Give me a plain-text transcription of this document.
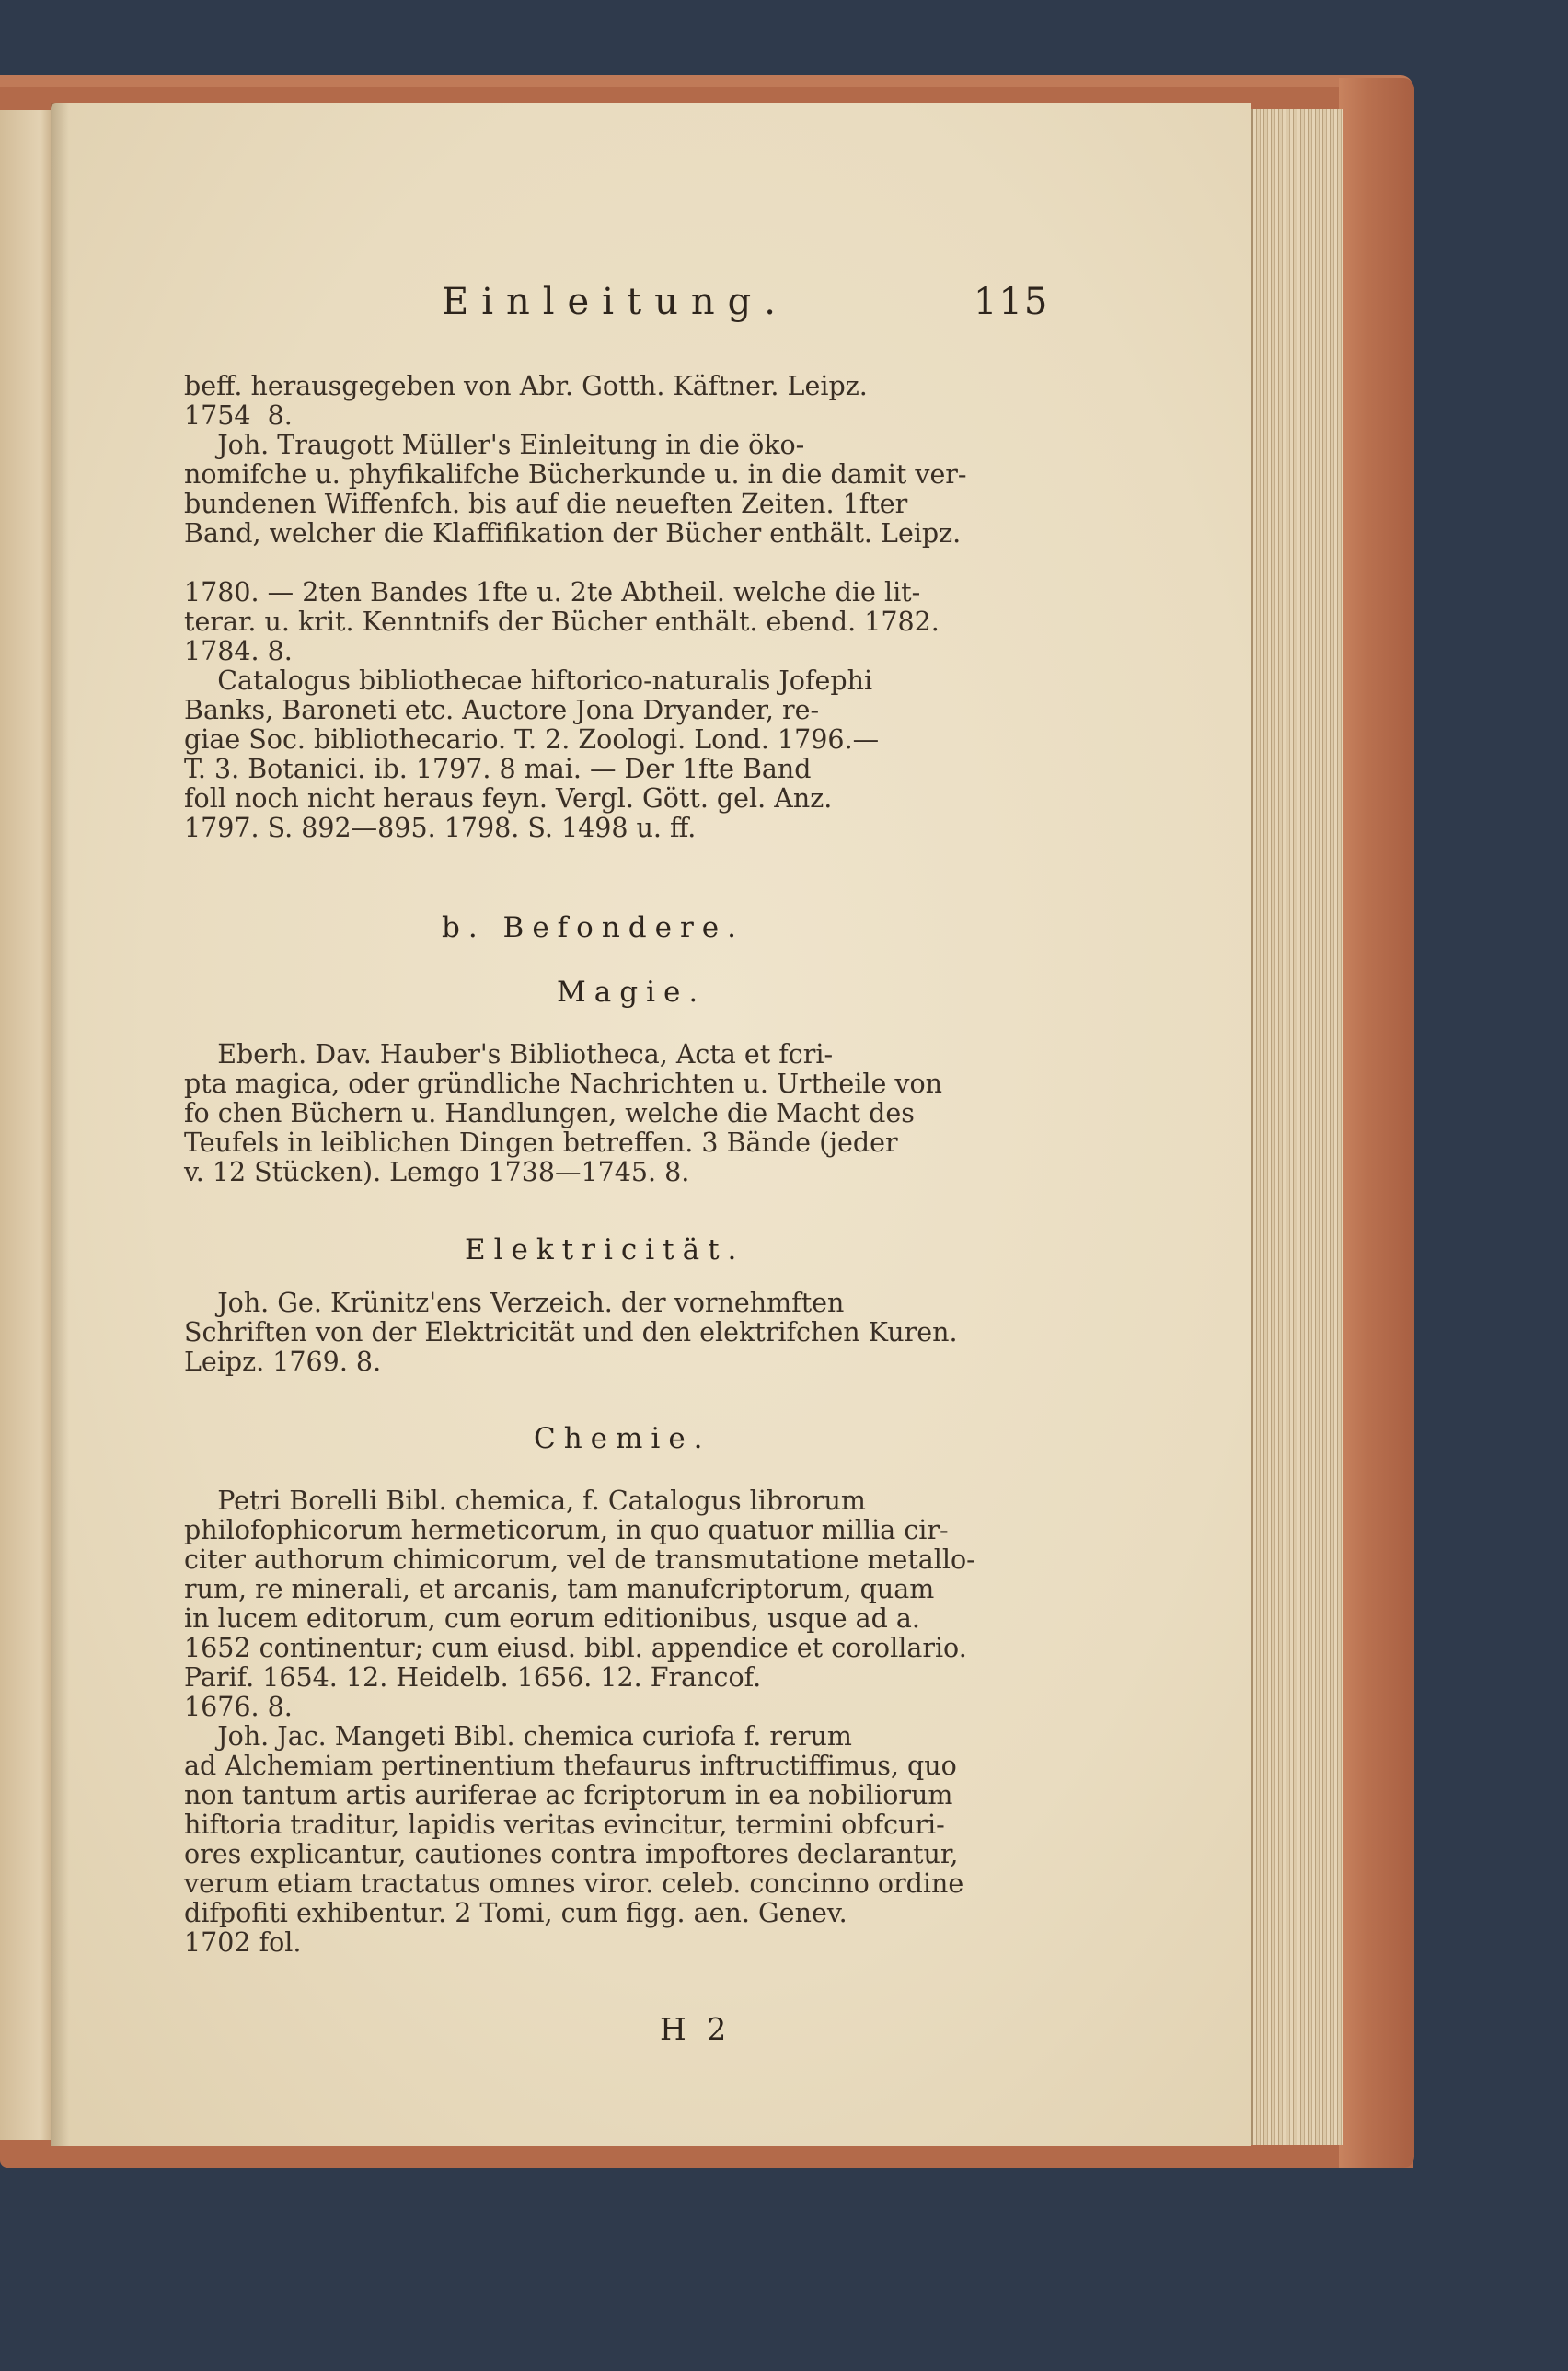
Einleitung.	115
beff. herausgegeben von Abr. Gotth. Käftner. Leipz.
1754  8.
Joh. Traugott Müller's Einleitung in die öko-
nomifche u. phyfikalifche Bücherkunde u. in die damit ver-
bundenen Wiffenfch. bis auf die neueften Zeiten. 1fter
Band, welcher die Klaffifikation der Bücher enthält. Leipz.
1780. — 2ten Bandes 1fte u. 2te Abtheil. welche die lit-
terar. u. krit. Kenntnifs der Bücher enthält. ebend. 1782.
1784. 8.
Catalogus bibliothecae hiftorico-naturalis Jofephi
Banks, Baroneti etc. Auctore Jona Dryander, re-
giae Soc. bibliothecario. T. 2. Zoologi. Lond. 1796.—
T. 3. Botanici. ib. 1797. 8 mai. — Der 1fte Band
foll noch nicht heraus feyn. Vergl. Gött. gel. Anz.
1797. S. 892—895. 1798. S. 1498 u. ff.
b. Befondere.
Magie.
Eberh. Dav. Hauber's Bibliotheca, Acta et fcri-
pta magica, oder gründliche Nachrichten u. Urtheile von
fo chen Büchern u. Handlungen, welche die Macht des
Teufels in leiblichen Dingen betreffen. 3 Bände (jeder
v. 12 Stücken). Lemgo 1738—1745. 8.
Elektricität.
Joh. Ge. Krünitz'ens Verzeich. der vornehmften
Schriften von der Elektricität und den elektrifchen Kuren.
Leipz. 1769. 8.
Chemie.
Petri Borelli Bibl. chemica, f. Catalogus librorum
philofophicorum hermeticorum, in quo quatuor millia cir-
citer authorum chimicorum, vel de transmutatione metallo-
rum, re minerali, et arcanis, tam manufcriptorum, quam
in lucem editorum, cum eorum editionibus, usque ad a.
1652 continentur; cum eiusd. bibl. appendice et corollario.
Parif. 1654. 12. Heidelb. 1656. 12. Francof.
1676. 8.
Joh. Jac. Mangeti Bibl. chemica curiofa f. rerum
ad Alchemiam pertinentium thefaurus inftructiffimus, quo
non tantum artis auriferae ac fcriptorum in ea nobiliorum
hiftoria traditur, lapidis veritas evincitur, termini obfcuri-
ores explicantur, cautiones contra impoftores declarantur,
verum etiam tractatus omnes viror. celeb. concinno ordine
difpofiti exhibentur. 2 Tomi, cum figg. aen. Genev.
1702 fol.
H 2
